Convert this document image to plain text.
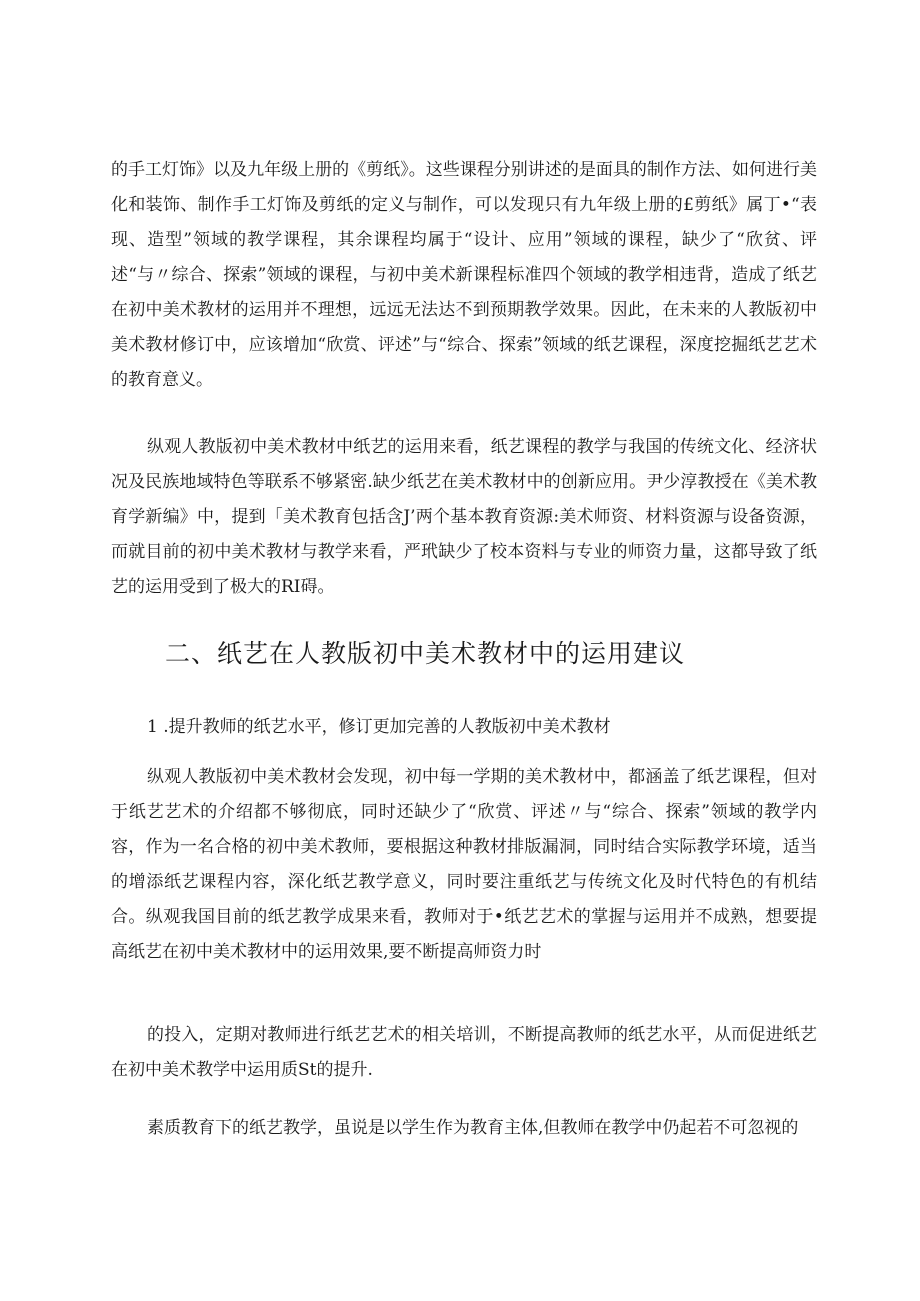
的手工灯饰》以及九年级上册的《剪纸》。这些课程分别讲述的是面具的制作方法、如何进行美化和装饰、制作手工灯饰及剪纸的定义与制作，可以发现只有九年级上册的£剪纸》属丁•“表现、造型”领域的教学课程，其余课程均属于“设计、应用”领域的课程，缺少了“欣贫、评述“与〃综合、探索”领域的课程，与初中美术新课程标准四个领域的教学相违背，造成了纸艺在初中美术教材的运用并不理想，远远无法达不到预期教学效果。因此，在未来的人教版初中美术教材修订中，应该增加“欣赏、评述”与“综合、探索”领域的纸艺课程，深度挖掘纸艺艺术的教育意义。

纵观人教版初中美术教材中纸艺的运用来看，纸艺课程的教学与我国的传统文化、经济状况及民族地域特色等联系不够紧密.缺少纸艺在美术教材中的创新应用。尹少淳教授在《美术教育学新编》中，提到「美术教育包括含J’两个基本教育资源:美术师资、材料资源与设备资源，而就目前的初中美术教材与教学来看，严玳缺少了校本资料与专业的师资力量，这都导致了纸艺的运用受到了极大的RI碍。

二、纸艺在人教版初中美术教材中的运用建议

1 .提升教师的纸艺水平，修订更加完善的人教版初中美术教材

纵观人教版初中美术教材会发现，初中每一学期的美术教材中，都涵盖了纸艺课程，但对于纸艺艺术的介绍都不够彻底，同时还缺少了“欣赏、评述〃与“综合、探索”领域的教学内容，作为一名合格的初中美术教师，要根据这种教材排版漏洞，同时结合实际教学环境，适当的增添纸艺课程内容，深化纸艺教学意义，同时要注重纸艺与传统文化及时代特色的有机结合。纵观我国目前的纸艺教学成果来看，教师对于•纸艺艺术的掌握与运用并不成熟，想要提高纸艺在初中美术教材中的运用效果,要不断提高师资力时

的投入，定期对教师进行纸艺艺术的相关培训，不断提高教师的纸艺水平，从而促进纸艺在初中美术教学中运用质St的提升.

素质教育下的纸艺教学，虽说是以学生作为教育主体,但教师在教学中仍起若不可忽视的
